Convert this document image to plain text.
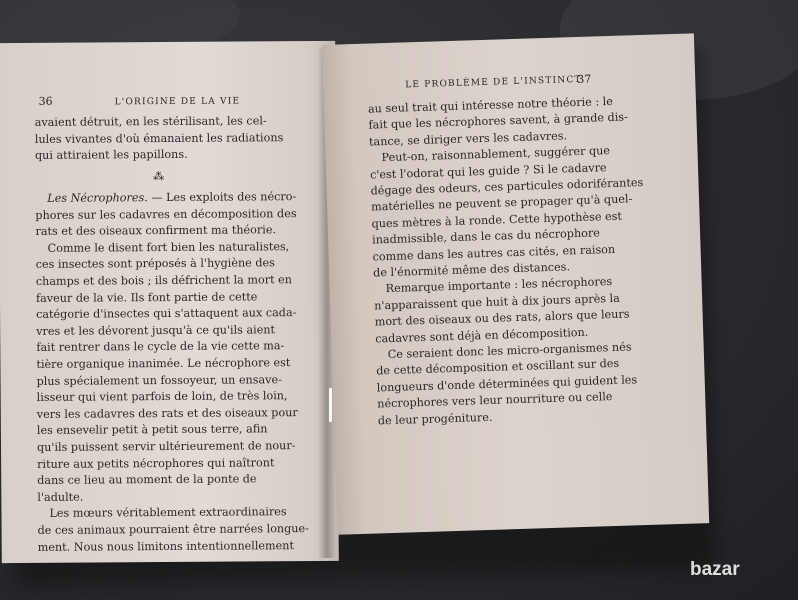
36	L'ORIGINE DE LA VIE
avaient détruit, en les stérilisant, les cel-
lules vivantes d'où émanaient les radiations
qui attiraient les papillons.
⁂
Les Nécrophores. — Les exploits des nécro-
phores sur les cadavres en décomposition des
rats et des oiseaux confirment ma théorie.
Comme le disent fort bien les naturalistes,
ces insectes sont préposés à l'hygiène des
champs et des bois ; ils défrichent la mort en
faveur de la vie. Ils font partie de cette
catégorie d'insectes qui s'attaquent aux cada-
vres et les dévorent jusqu'à ce qu'ils aient
fait rentrer dans le cycle de la vie cette ma-
tière organique inanimée. Le nécrophore est
plus spécialement un fossoyeur, un ensave-
lisseur qui vient parfois de loin, de très loin,
vers les cadavres des rats et des oiseaux pour
les ensevelir petit à petit sous terre, afin
qu'ils puissent servir ultérieurement de nour-
riture aux petits nécrophores qui naîtront
dans ce lieu au moment de la ponte de
l'adulte.
Les mœurs véritablement extraordinaires
de ces animaux pourraient être narrées longue-
ment. Nous nous limitons intentionnellement
LE PROBLÈME DE L'INSTINCT
37
au seul trait qui intéresse notre théorie : le
fait que les nécrophores savent, à grande dis-
tance, se diriger vers les cadavres.
Peut-on, raisonnablement, suggérer que
c'est l'odorat qui les guide ? Si le cadavre
dégage des odeurs, ces particules odoriférantes
matérielles ne peuvent se propager qu'à quel-
ques mètres à la ronde. Cette hypothèse est
inadmissible, dans le cas du nécrophore
comme dans les autres cas cités, en raison
de l'énormité même des distances.
Remarque importante : les nécrophores
n'apparaissent que huit à dix jours après la
mort des oiseaux ou des rats, alors que leurs
cadavres sont déjà en décomposition.
Ce seraient donc les micro-organismes nés
de cette décomposition et oscillant sur des
longueurs d'onde déterminées qui guident les
nécrophores vers leur nourriture ou celle
de leur progéniture.
bazar
